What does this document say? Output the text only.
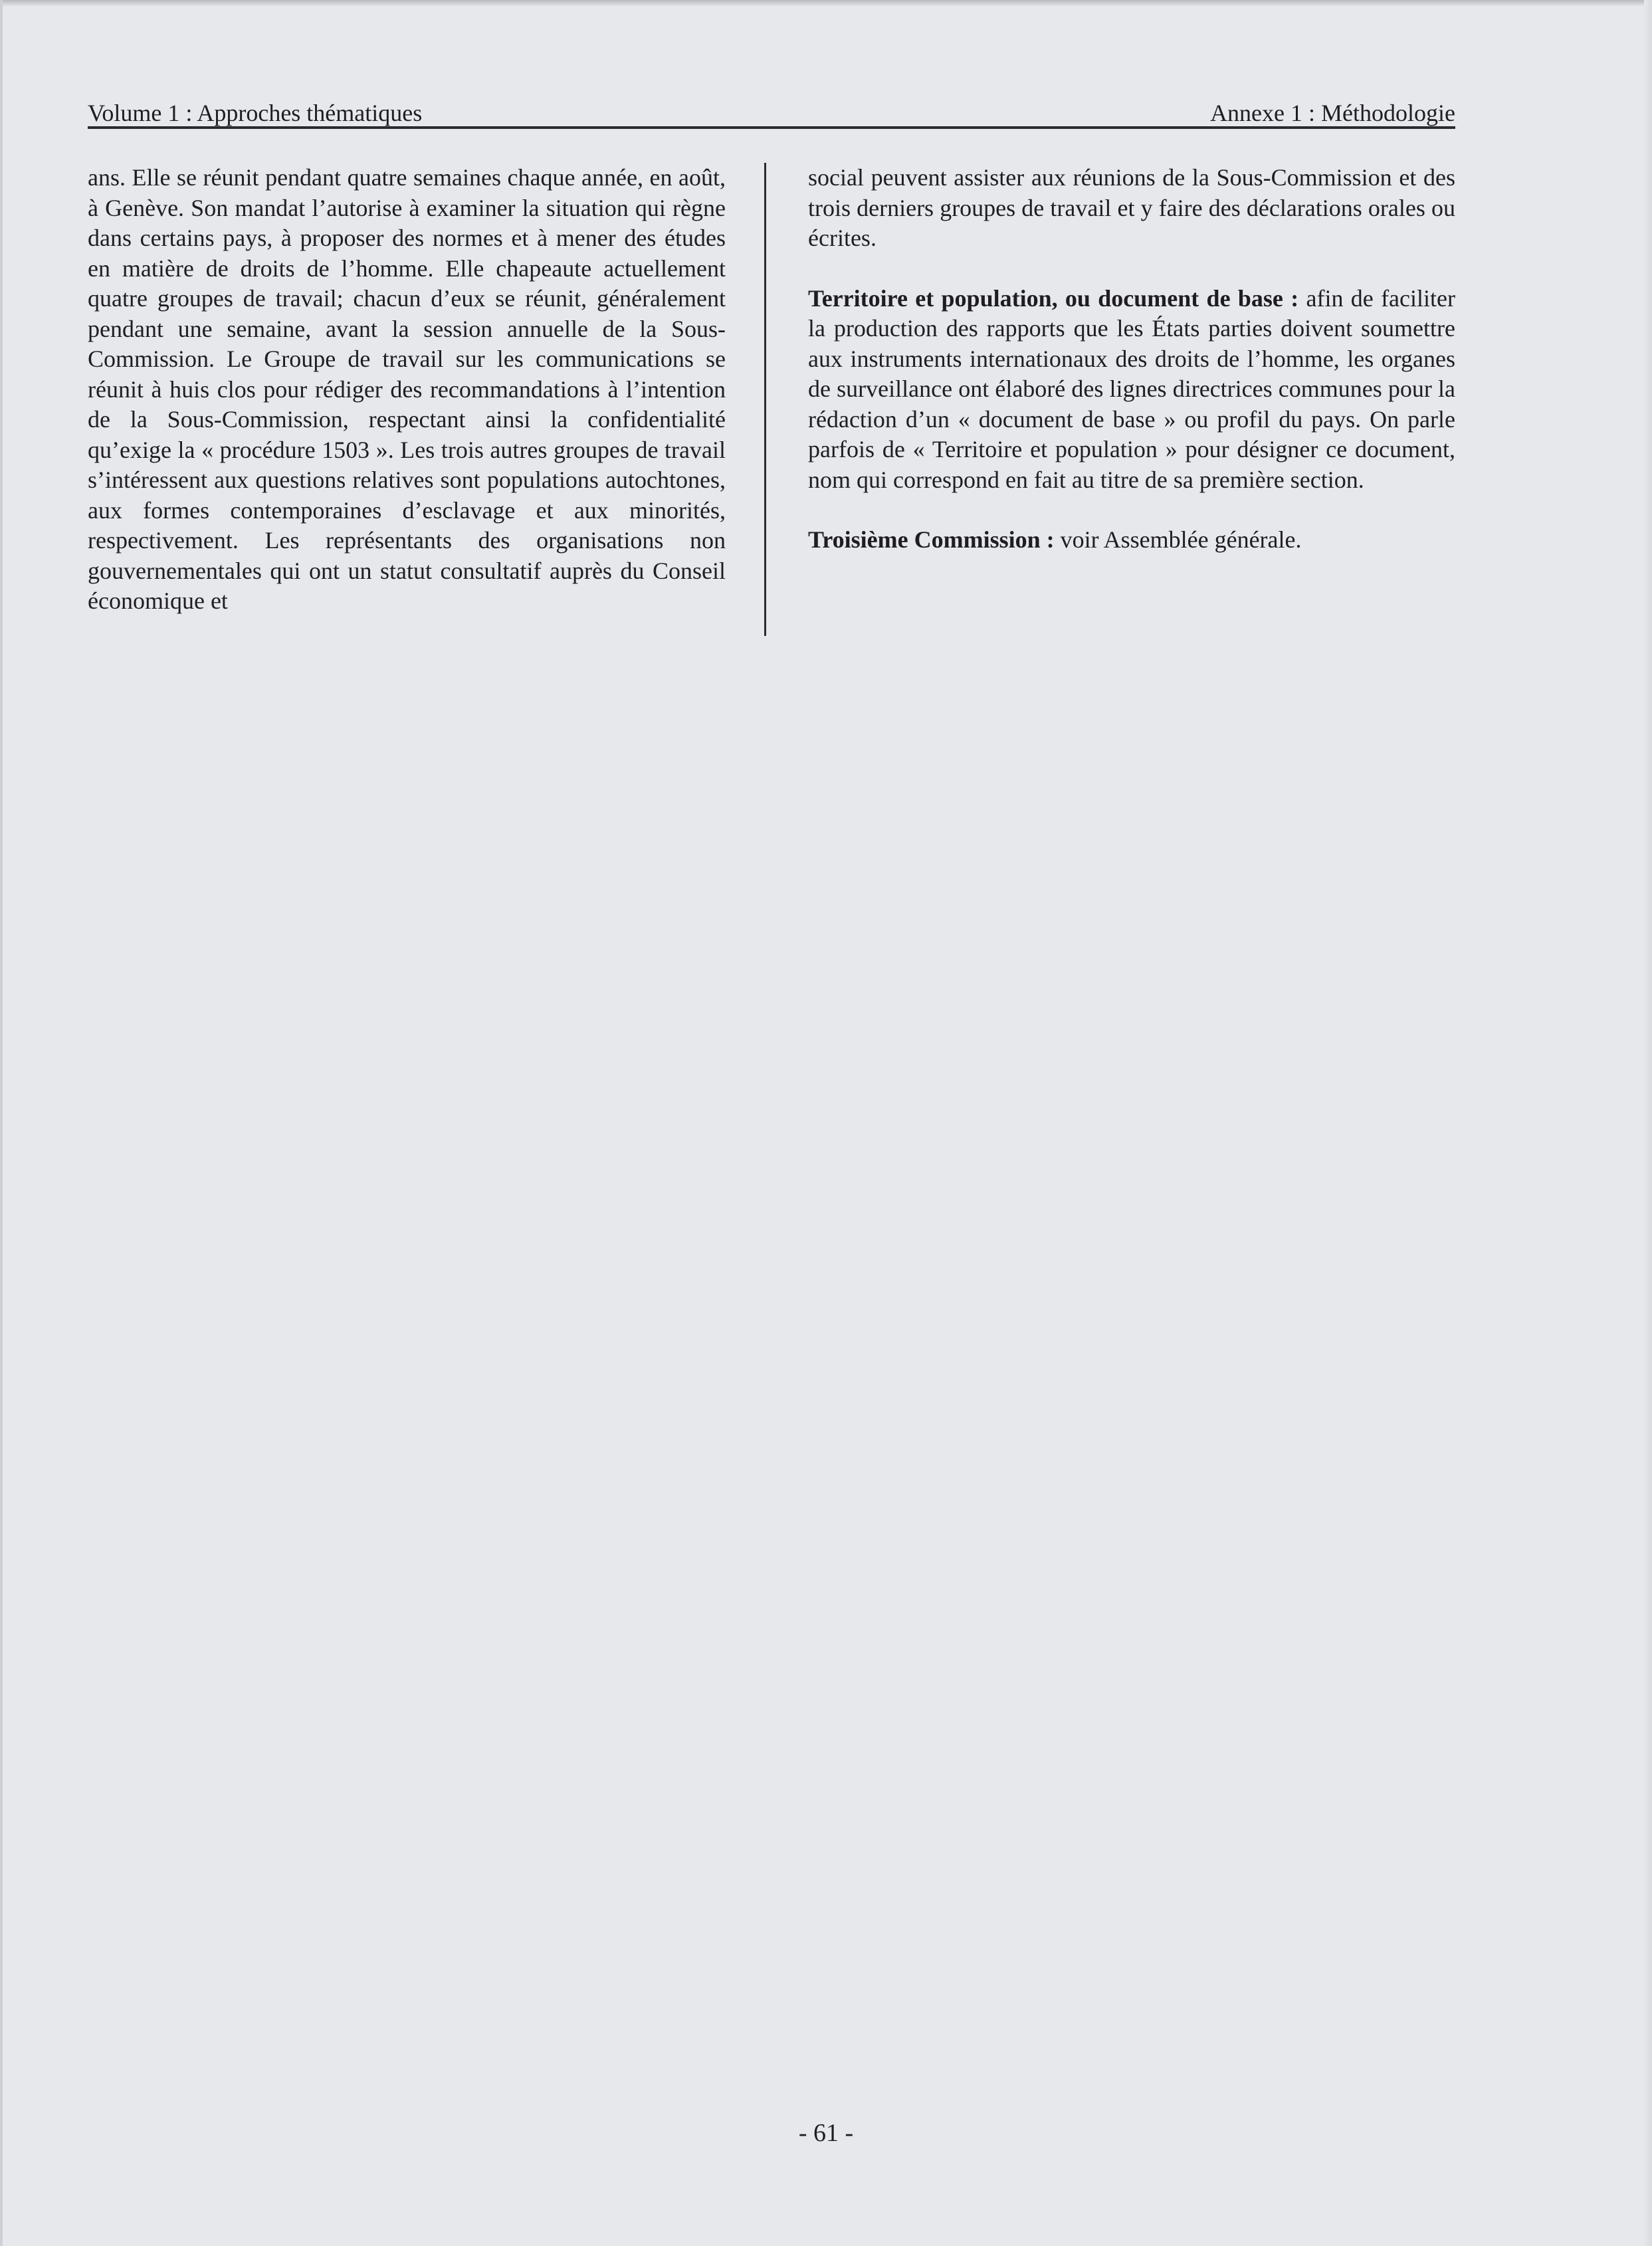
Volume 1 : Approches thématiques	Annexe 1 : Méthodologie

ans. Elle se réunit pendant quatre semaines chaque année, en août, à Genève. Son mandat l’autorise à examiner la situation qui règne dans certains pays, à proposer des normes et à mener des études en matière de droits de l’homme. Elle chapeaute actuellement quatre groupes de travail; chacun d’eux se réunit, généralement pendant une semaine, avant la session annuelle de la Sous-Commission. Le Groupe de travail sur les communications se réunit à huis clos pour rédiger des recommandations à l’intention de la Sous-Commission, respectant ainsi la confidentialité qu’exige la « procédure 1503 ». Les trois autres groupes de travail s’intéressent aux questions relatives sont populations autochtones, aux formes contemporaines d’esclavage et aux minorités, respectivement. Les représentants des organisations non gouvernementales qui ont un statut consultatif auprès du Conseil économique et

social peuvent assister aux réunions de la Sous-Commission et des trois derniers groupes de travail et y faire des déclarations orales ou écrites.

Territoire et population, ou document de base : afin de faciliter la production des rapports que les États parties doivent soumettre aux instruments internationaux des droits de l’homme, les organes de surveillance ont élaboré des lignes directrices communes pour la rédaction d’un « document de base » ou profil du pays. On parle parfois de « Territoire et population » pour désigner ce document, nom qui correspond en fait au titre de sa première section.

Troisième Commission : voir Assemblée générale.

- 61 -
